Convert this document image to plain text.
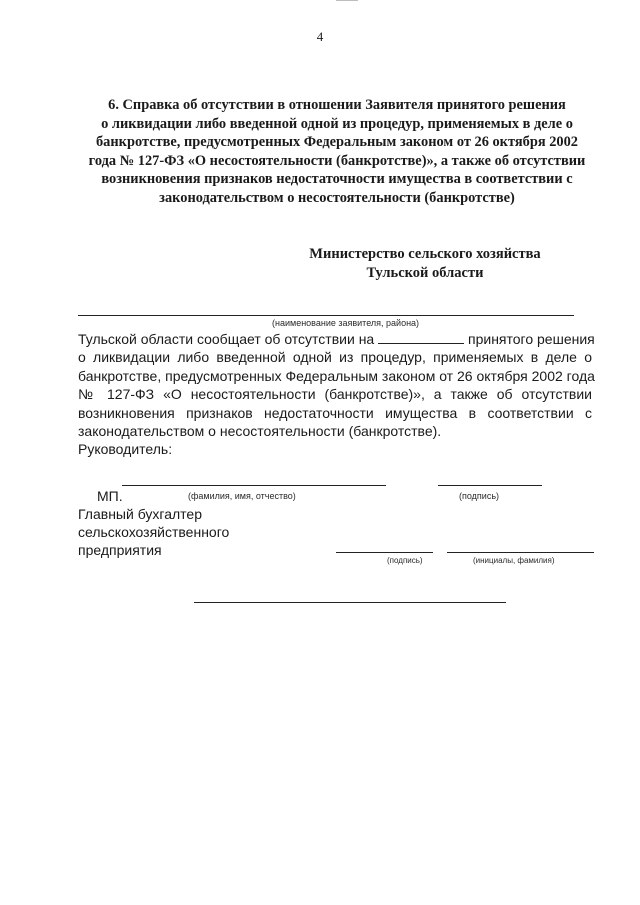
4
6. Справка об отсутствии в отношении Заявителя принятого решения
о ликвидации либо введенной одной из процедур, применяемых в деле о
банкротстве, предусмотренных Федеральным законом от 26 октября 2002
года № 127-ФЗ «О несостоятельности (банкротстве)», а также об отсутствии
возникновения признаков недостаточности имущества в соответствии с
законодательством о несостоятельности (банкротстве)
Министерство сельского хозяйства
Тульской области
(наименование заявителя, района)
Тульской области сообщает об отсутствии на	принятого решения
о ликвидации либо введенной одной из процедур, применяемых в деле о
банкротстве, предусмотренных Федеральным законом от 26 октября 2002 года
№ 127-ФЗ «О несостоятельности (банкротстве)», а также об отсутствии
возникновения признаков недостаточности имущества в соответствии с
законодательством о несостоятельности (банкротстве).
Руководитель:
МП.	(фамилия, имя, отчество)	(подпись)
Главный бухгалтер
сельскохозяйственного
предприятия
(подпись)	(инициалы, фамилия)
